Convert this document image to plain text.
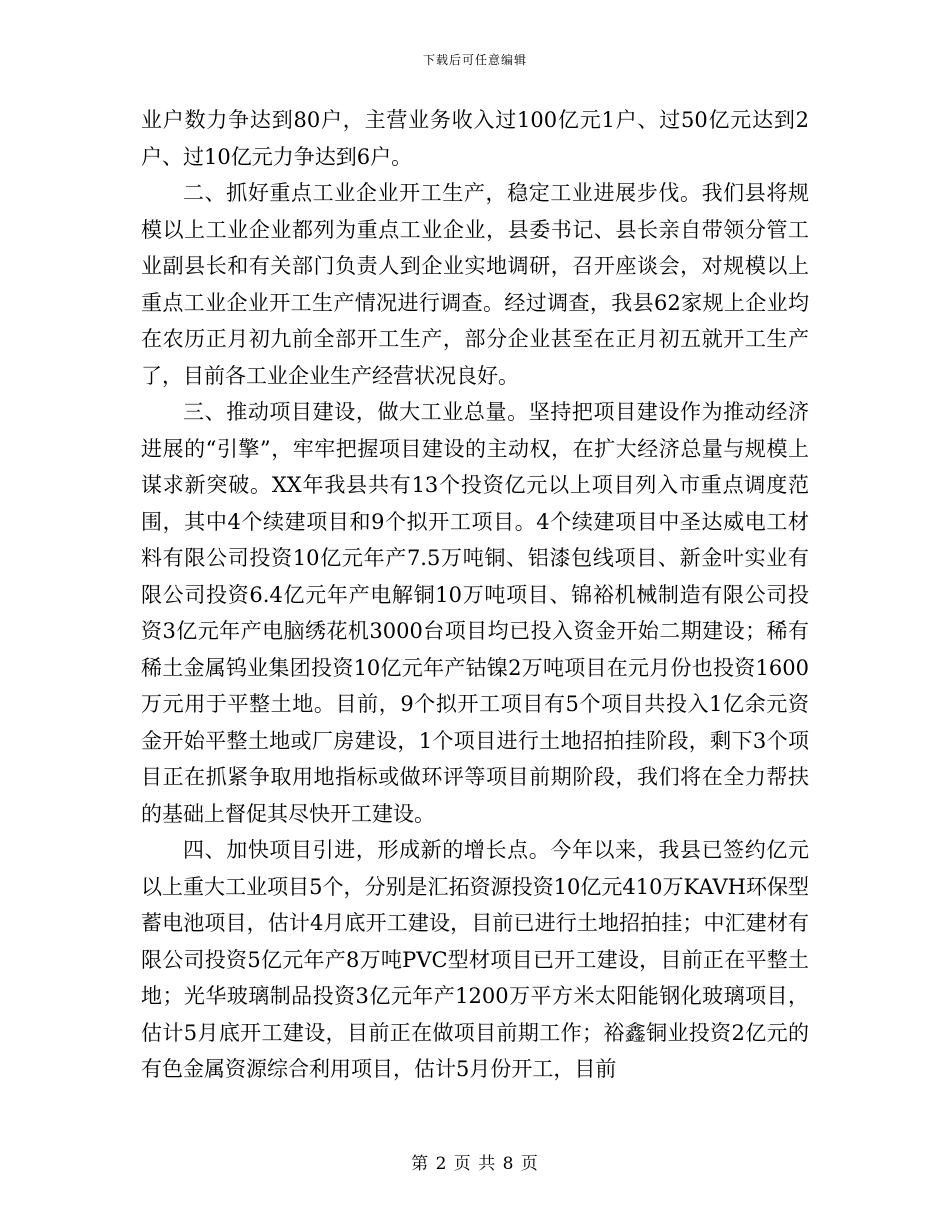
下载后可任意编辑

业户数力争达到80户，主营业务收入过100亿元1户、过50亿元达到2户、过10亿元力争达到6户。

二、抓好重点工业企业开工生产，稳定工业进展步伐。我们县将规模以上工业企业都列为重点工业企业，县委书记、县长亲自带领分管工业副县长和有关部门负责人到企业实地调研，召开座谈会，对规模以上重点工业企业开工生产情况进行调查。经过调查，我县62家规上企业均在农历正月初九前全部开工生产，部分企业甚至在正月初五就开工生产了，目前各工业企业生产经营状况良好。

三、推动项目建设，做大工业总量。坚持把项目建设作为推动经济进展的“引擎”，牢牢把握项目建设的主动权，在扩大经济总量与规模上谋求新突破。XX年我县共有13个投资亿元以上项目列入市重点调度范围，其中4个续建项目和9个拟开工项目。4个续建项目中圣达威电工材料有限公司投资10亿元年产7.5万吨铜、铝漆包线项目、新金叶实业有限公司投资6.4亿元年产电解铜10万吨项目、锦裕机械制造有限公司投资3亿元年产电脑绣花机3000台项目均已投入资金开始二期建设；稀有稀土金属钨业集团投资10亿元年产钴镍2万吨项目在元月份也投资1600万元用于平整土地。目前，9个拟开工项目有5个项目共投入1亿余元资金开始平整土地或厂房建设，1个项目进行土地招拍挂阶段，剩下3个项目正在抓紧争取用地指标或做环评等项目前期阶段，我们将在全力帮扶的基础上督促其尽快开工建设。

四、加快项目引进，形成新的增长点。今年以来，我县已签约亿元以上重大工业项目5个，分别是汇拓资源投资10亿元410万KAVH环保型蓄电池项目，估计4月底开工建设，目前已进行土地招拍挂；中汇建材有限公司投资5亿元年产8万吨PVC型材项目已开工建设，目前正在平整土地；光华玻璃制品投资3亿元年产1200万平方米太阳能钢化玻璃项目，估计5月底开工建设，目前正在做项目前期工作；裕鑫铜业投资2亿元的有色金属资源综合利用项目，估计5月份开工，目前

第 2 页 共 8 页
